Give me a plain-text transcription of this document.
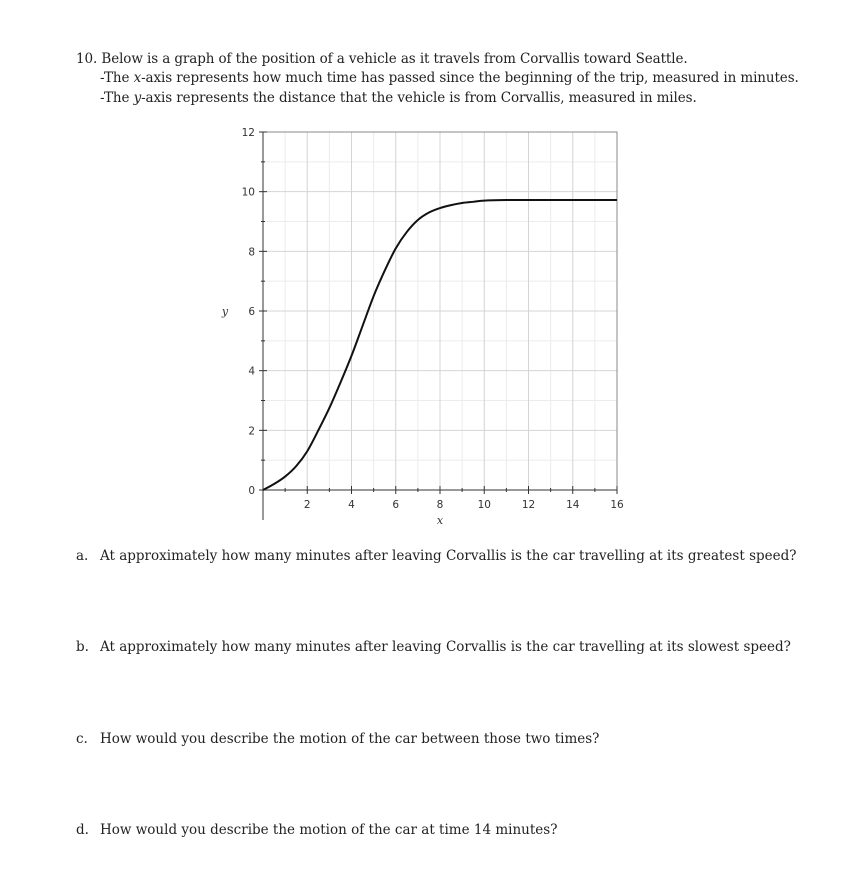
10. Below is a graph of the position of a vehicle as it travels from Corvallis toward Seattle.
-The x-axis represents how much time has passed since the beginning of the trip, measured in minutes.
-The y-axis represents the distance that the vehicle is from Corvallis, measured in miles.
2	4	6	8	10	12	14	16
0
2
4
6
8
10
12
x
y
a. At approximately how many minutes after leaving Corvallis is the car travelling at its greatest speed?
b. At approximately how many minutes after leaving Corvallis is the car travelling at its slowest speed?
c. How would you describe the motion of the car between those two times?
d. How would you describe the motion of the car at time 14 minutes?
